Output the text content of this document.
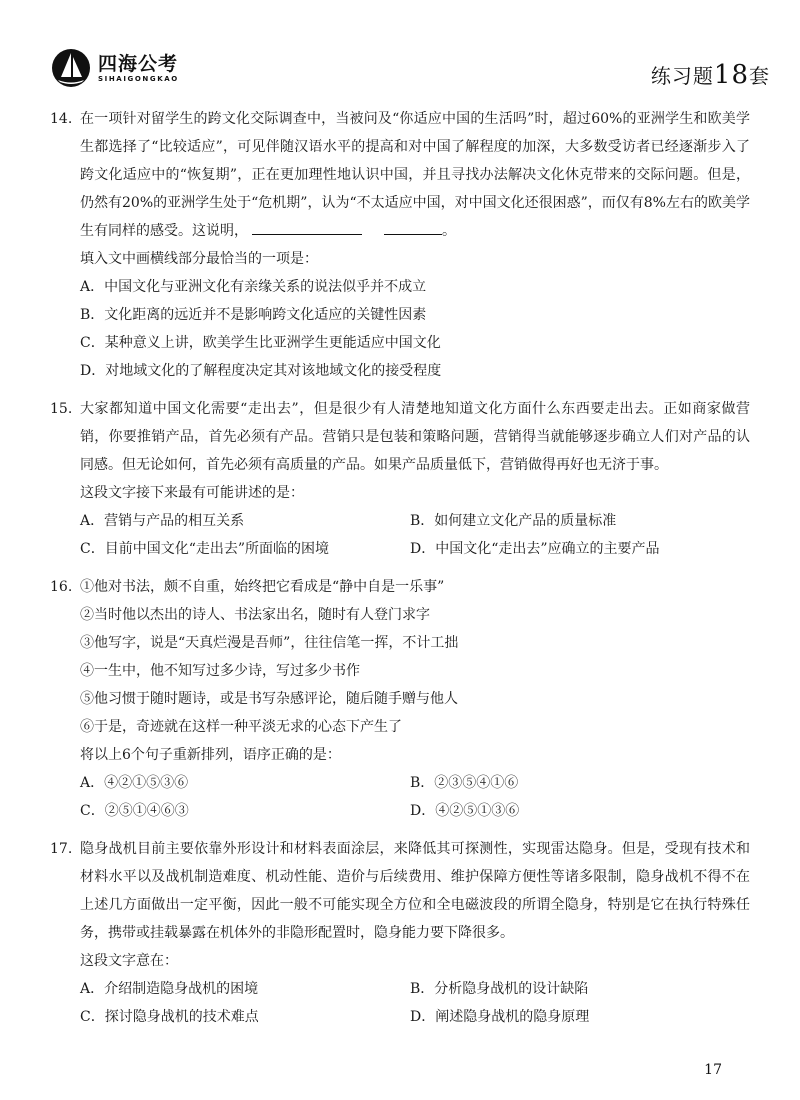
四海公考
SIHAIGONGKAO	练习题18套
14. 在一项针对留学生的跨文化交际调查中，当被问及“你适应中国的生活吗”时，超过60%的亚洲学生和欧美学生都选择了“比较适应”，可见伴随汉语水平的提高和对中国了解程度的加深，大多数受访者已经逐渐步入了跨文化适应中的“恢复期”，正在更加理性地认识中国，并且寻找办法解决文化休克带来的交际问题。但是，仍然有20%的亚洲学生处于“危机期”，认为“不太适应中国，对中国文化还很困惑”，而仅有8%左右的欧美学生有同样的感受。这说明，	。
填入文中画横线部分最恰当的一项是：
A．中国文化与亚洲文化有亲缘关系的说法似乎并不成立
B．文化距离的远近并不是影响跨文化适应的关键性因素
C．某种意义上讲，欧美学生比亚洲学生更能适应中国文化
D．对地域文化的了解程度决定其对该地域文化的接受程度
15. 大家都知道中国文化需要“走出去”，但是很少有人清楚地知道文化方面什么东西要走出去。正如商家做营销，你要推销产品，首先必须有产品。营销只是包装和策略问题，营销得当就能够逐步确立人们对产品的认同感。但无论如何，首先必须有高质量的产品。如果产品质量低下，营销做得再好也无济于事。
这段文字接下来最有可能讲述的是：
A．营销与产品的相互关系	B．如何建立文化产品的质量标准
C．目前中国文化“走出去”所面临的困境	D．中国文化“走出去”应确立的主要产品
16. ①他对书法，颇不自重，始终把它看成是“静中自是一乐事”
②当时他以杰出的诗人、书法家出名，随时有人登门求字
③他写字，说是“天真烂漫是吾师”，往往信笔一挥，不计工拙
④一生中，他不知写过多少诗，写过多少书作
⑤他习惯于随时题诗，或是书写杂感评论，随后随手赠与他人
⑥于是，奇迹就在这样一种平淡无求的心态下产生了
将以上6个句子重新排列，语序正确的是：
A．④②①⑤③⑥	B．②③⑤④①⑥
C．②⑤①④⑥③	D．④②⑤①③⑥
17. 隐身战机目前主要依靠外形设计和材料表面涂层，来降低其可探测性，实现雷达隐身。但是，受现有技术和材料水平以及战机制造难度、机动性能、造价与后续费用、维护保障方便性等诸多限制，隐身战机不得不在上述几方面做出一定平衡，因此一般不可能实现全方位和全电磁波段的所谓全隐身，特别是它在执行特殊任务，携带或挂载暴露在机体外的非隐形配置时，隐身能力要下降很多。
这段文字意在：
A．介绍制造隐身战机的困境	B．分析隐身战机的设计缺陷
C．探讨隐身战机的技术难点	D．阐述隐身战机的隐身原理
17
